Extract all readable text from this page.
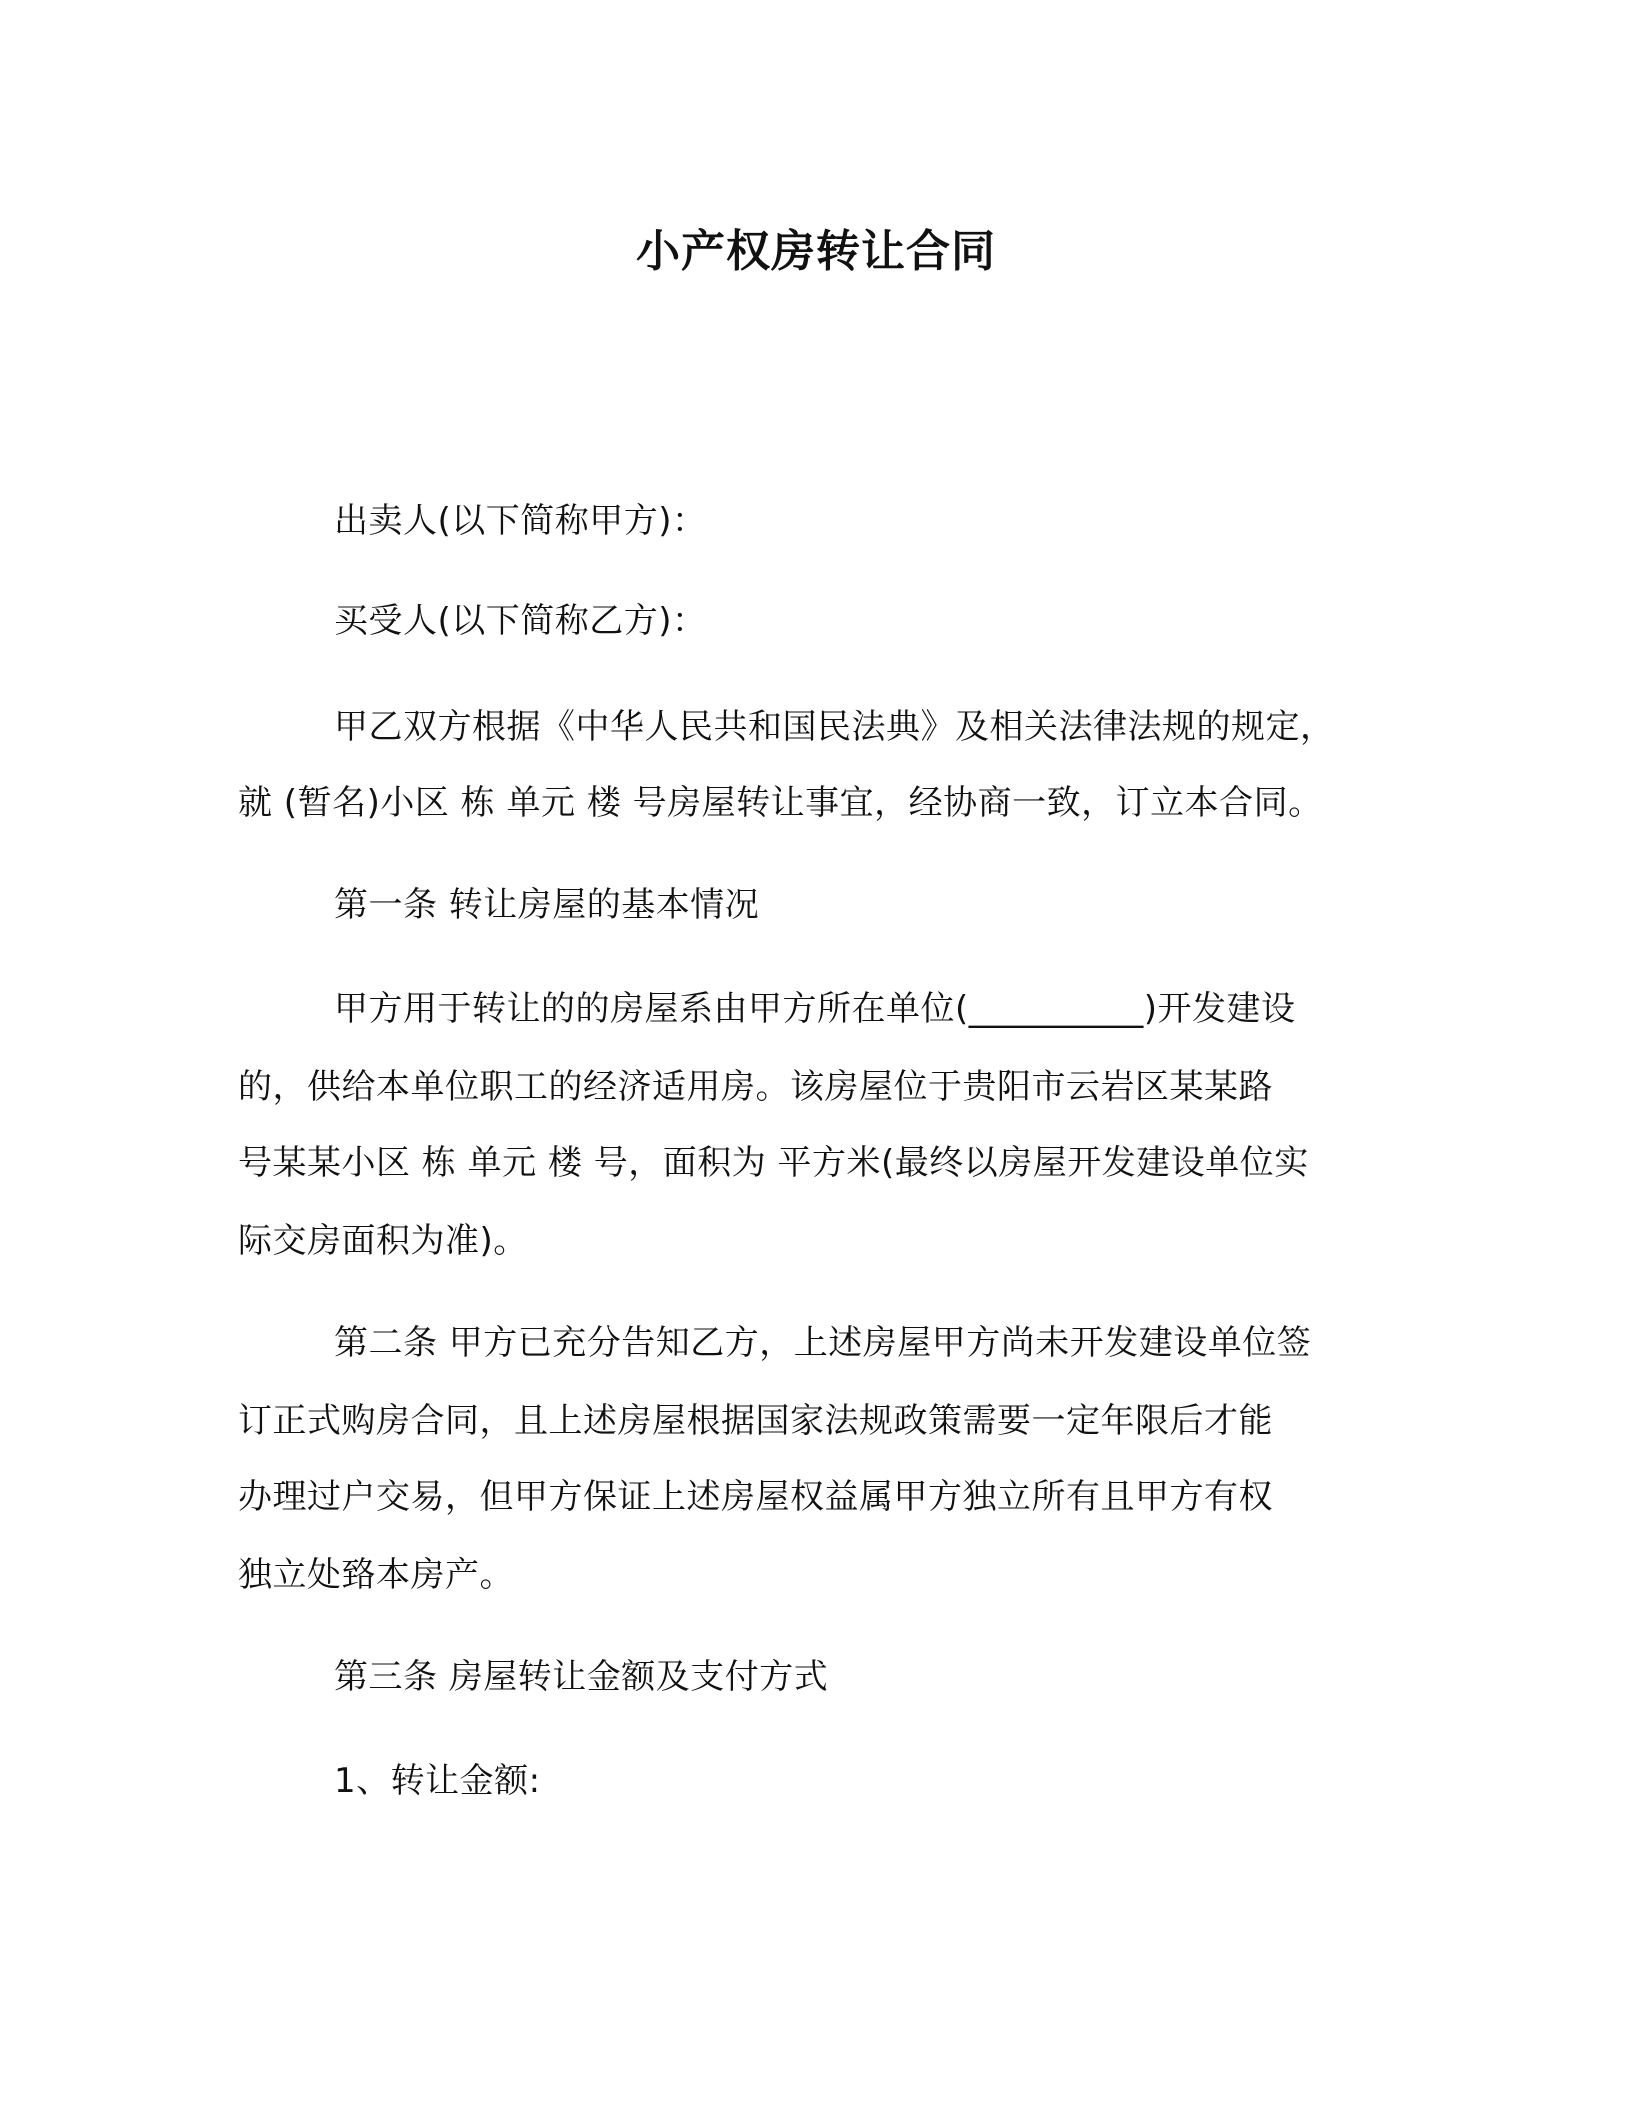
小产权房转让合同
出卖人(以下简称甲方)：
买受人(以下简称乙方)：
甲乙双方根据《中华人民共和国民法典》及相关法律法规的规定，
就 (暂名)小区 栋 单元 楼 号房屋转让事宜，经协商一致，订立本合同。
第一条 转让房屋的基本情况
甲方用于转让的的房屋系由甲方所在单位(__________)开发建设
的，供给本单位职工的经济适用房。该房屋位于贵阳市云岩区某某路
号某某小区 栋 单元 楼 号，面积为 平方米(最终以房屋开发建设单位实
际交房面积为准)。
第二条 甲方已充分告知乙方，上述房屋甲方尚未开发建设单位签
订正式购房合同，且上述房屋根据国家法规政策需要一定年限后才能
办理过户交易，但甲方保证上述房屋权益属甲方独立所有且甲方有权
独立处臵本房产。
第三条 房屋转让金额及支付方式
1、转让金额:
